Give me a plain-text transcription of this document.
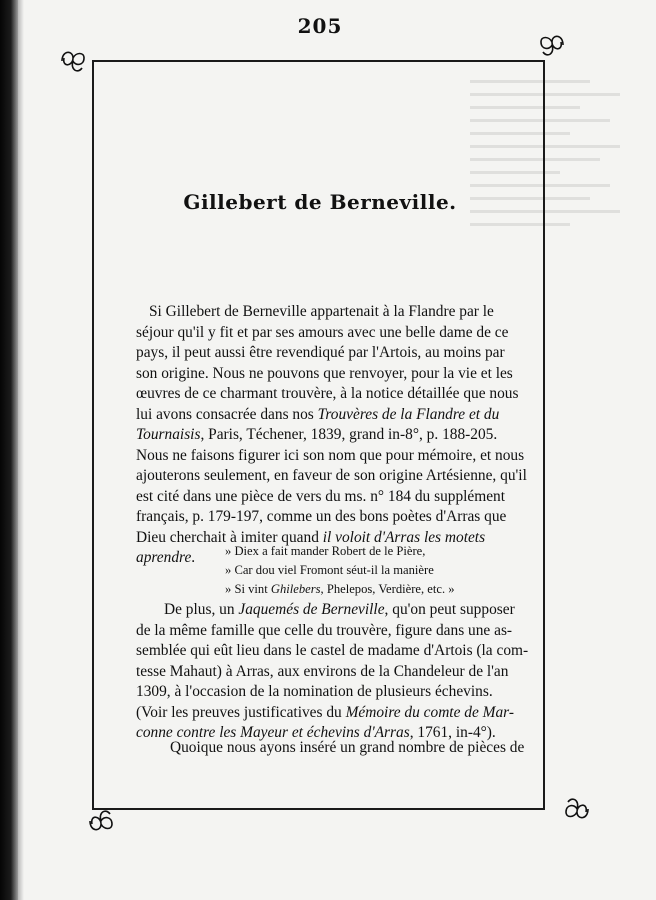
205
Gillebert de Berneville.
Si Gillebert de Berneville appartenait à la Flandre par le
séjour qu'il y fit et par ses amours avec une belle dame de ce
pays, il peut aussi être revendiqué par l'Artois, au moins par
son origine. Nous ne pouvons que renvoyer, pour la vie et les
œuvres de ce charmant trouvère, à la notice détaillée que nous
lui avons consacrée dans nos Trouvères de la Flandre et du
Tournaisis, Paris, Téchener, 1839, grand in-8°, p. 188-205.
Nous ne faisons figurer ici son nom que pour mémoire, et nous
ajouterons seulement, en faveur de son origine Artésienne, qu'il
est cité dans une pièce de vers du ms. n° 184 du supplément
français, p. 179-197, comme un des bons poètes d'Arras que
Dieu cherchait à imiter quand il voloit d'Arras les motets
aprendre.	» Diex a fait mander Robert de le Pière,
» Car dou viel Fromont séut-il la manière
» Si vint Ghilebers, Phelepos, Verdière, etc. »
De plus, un Jaquemés de Berneville, qu'on peut supposer
de la même famille que celle du trouvère, figure dans une as-
semblée qui eût lieu dans le castel de madame d'Artois (la com-
tesse Mahaut) à Arras, aux environs de la Chandeleur de l'an
1309, à l'occasion de la nomination de plusieurs échevins.
(Voir les preuves justificatives du Mémoire du comte de Mar-
conne contre les Mayeur et échevins d'Arras, 1761, in-4°).
Quoique nous ayons inséré un grand nombre de pièces de
